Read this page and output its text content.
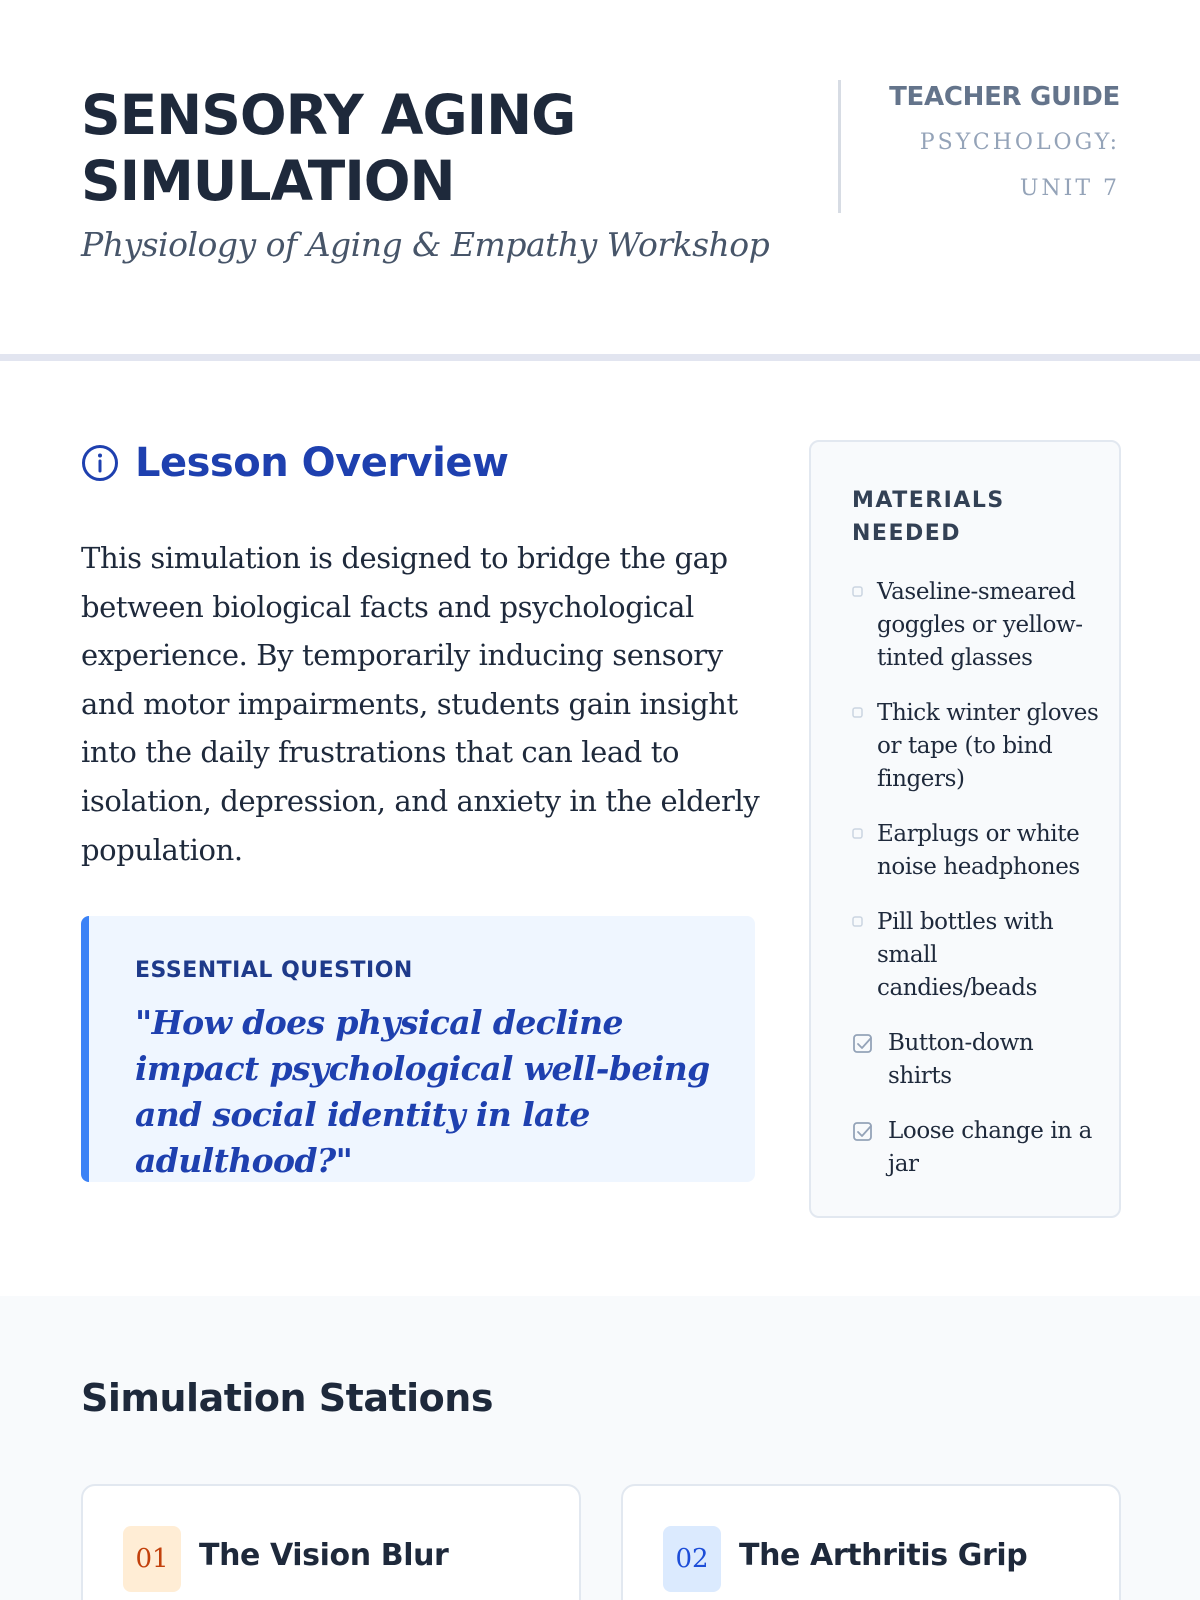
SENSORY AGING
SIMULATION
Physiology of Aging & Empathy Workshop
TEACHER GUIDE
PSYCHOLOGY:
UNIT 7
Lesson Overview

This simulation is designed to bridge the gap between biological facts and psychological experience. By temporarily inducing sensory and motor impairments, students gain insight into the daily frustrations that can lead to isolation, depression, and anxiety in the elderly population.

ESSENTIAL QUESTION
"How does physical decline impact psychological well-being and social identity in late adulthood?"
MATERIALS NEEDED
Vaseline-smeared goggles or yellow-tinted glasses
Thick winter gloves or tape (to bind fingers)
Earplugs or white noise headphones
Pill bottles with small candies/beads
Button-down shirts
Loose change in a jar
Simulation Stations
01	The Vision Blur	02	The Arthritis Grip
